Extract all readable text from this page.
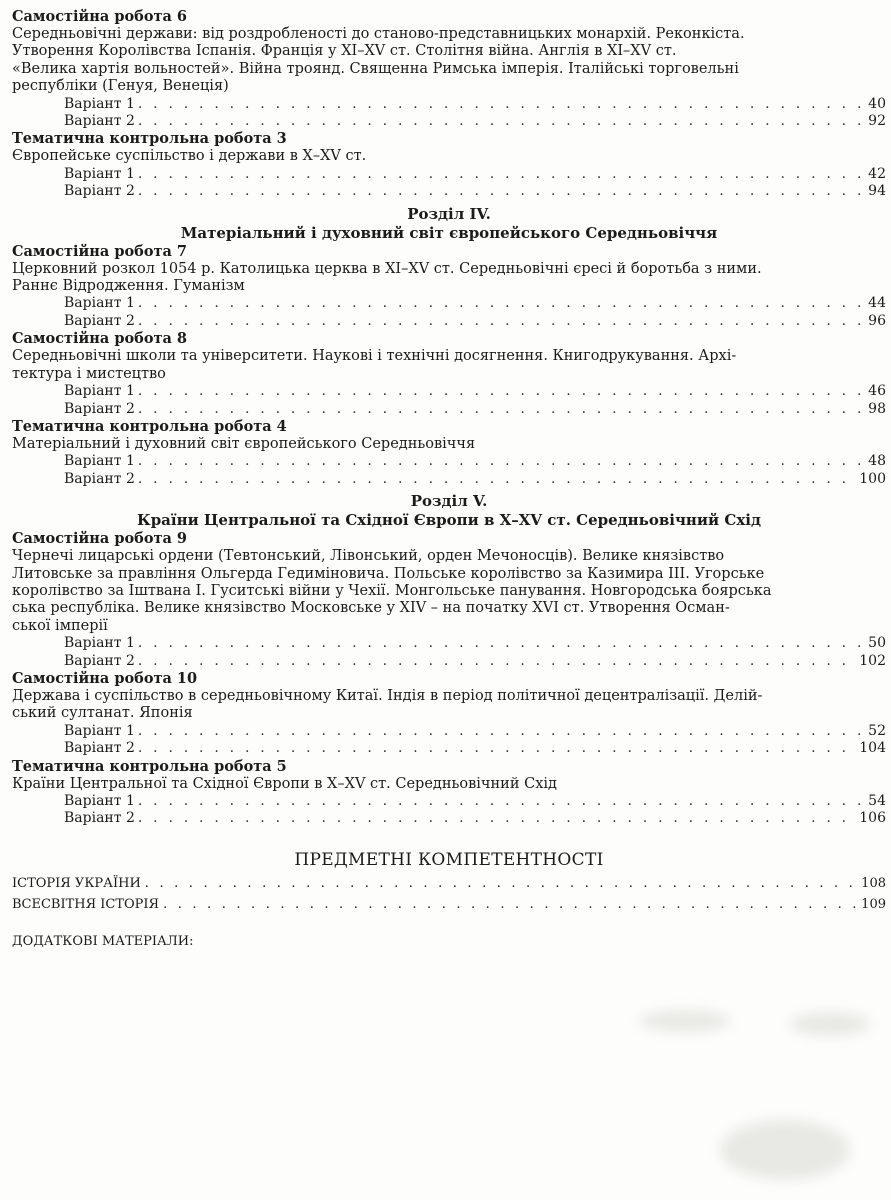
Самостійна робота 6
Середньовічні держави: від роздробленості до станово-представницьких монархій. Реконкіста.
Утворення Королівства Іспанія. Франція у XI–XV ст. Столітня війна. Англія в XI–XV ст.
«Велика хартія вольностей». Війна троянд. Священна Римська імперія. Італійські торговельні
республіки (Генуя, Венеція)
Варіант 1 . . .	40
Варіант 2 . . .	92
Тематична контрольна робота 3
Європейське суспільство і держави в X–XV ст.
Варіант 1 . . .	42
Варіант 2 . . .	94
Розділ IV.
Матеріальний і духовний світ європейського Середньовіччя
Самостійна робота 7
Церковний розкол 1054 р. Католицька церква в XI–XV ст. Середньовічні єресі й боротьба з ними.
Раннє Відродження. Гуманізм
Варіант 1 . . .	44
Варіант 2 . . .	96
Самостійна робота 8
Середньовічні школи та університети. Наукові і технічні досягнення. Книгодрукування. Архі-
тектура і мистецтво
Варіант 1 . . .	46
Варіант 2 . . .	98
Тематична контрольна робота 4
Матеріальний і духовний світ європейського Середньовіччя
Варіант 1 . . .	48
Варіант 2 . . .	100
Розділ V.
Країни Центральної та Східної Європи в X–XV ст. Середньовічний Схід
Самостійна робота 9
Чернечі лицарські ордени (Тевтонський, Лівонський, орден Мечоносців). Велике князівство
Литовське за правління Ольгерда Гедиміновича. Польське королівство за Казимира III. Угорське
королівство за Іштвана I. Гуситські війни у Чехії. Монгольське панування. Новгородська боярська
ська республіка. Велике князівство Московське у XIV – на початку XVI ст. Утворення Осман-
ської імперії
Варіант 1 . . .	50
Варіант 2 . . .	102
Самостійна робота 10
Держава і суспільство в середньовічному Китаї. Індія в період політичної децентралізації. Делій-
ський султанат. Японія
Варіант 1 . . .	52
Варіант 2 . . .	104
Тематична контрольна робота 5
Країни Центральної та Східної Європи в X–XV ст. Середньовічний Схід
Варіант 1 . . .	54
Варіант 2 . . .	106
ПРЕДМЕТНІ КОМПЕТЕНТНОСТІ
ІСТОРІЯ УКРАЇНИ . . .	108
ВСЕСВІТНЯ ІСТОРІЯ . . .	109
ДОДАТКОВІ МАТЕРІАЛИ:
